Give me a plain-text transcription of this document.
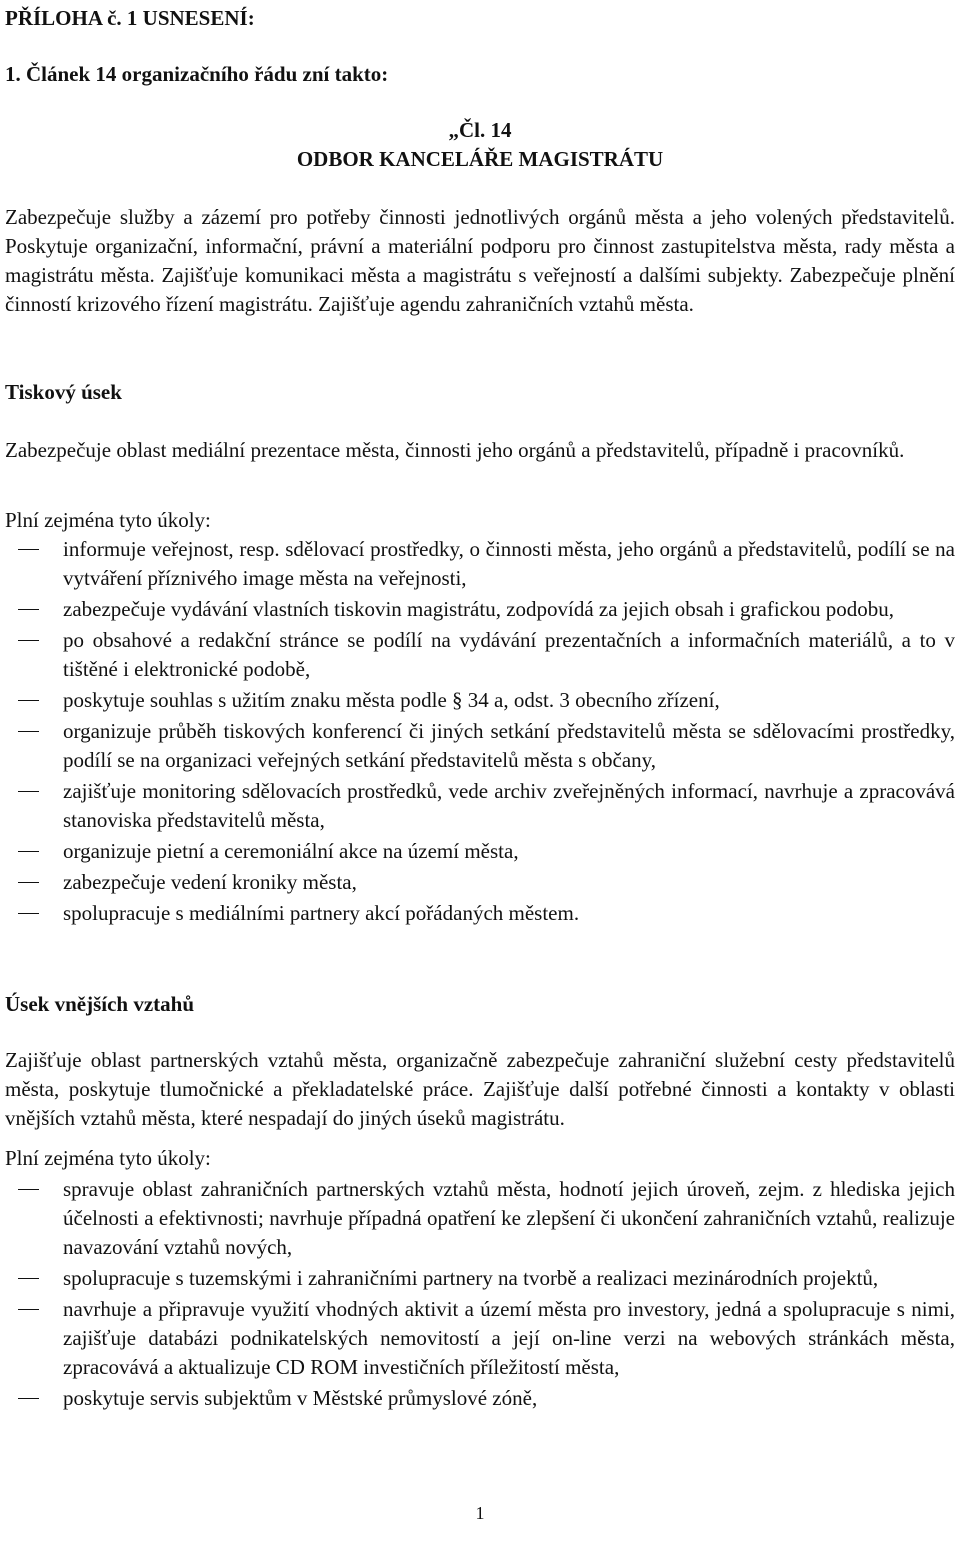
PŘÍLOHA č. 1 USNESENÍ:

1. Článek 14 organizačního řádu zní takto:

„Čl. 14
ODBOR KANCELÁŘE MAGISTRÁTU

Zabezpečuje služby a zázemí pro potřeby činnosti jednotlivých orgánů města a jeho volených představitelů. Poskytuje organizační, informační, právní a materiální podporu pro činnost zastupitelstva města, rady města a magistrátu města. Zajišťuje komunikaci města a magistrátu s veřejností a dalšími subjekty. Zabezpečuje plnění činností krizového řízení magistrátu. Zajišťuje agendu zahraničních vztahů města.

Tiskový úsek

Zabezpečuje oblast mediální prezentace města, činnosti jeho orgánů a představitelů, případně i pracovníků.

Plní zejména tyto úkoly:

informuje veřejnost, resp. sdělovací prostředky, o činnosti města, jeho orgánů a představitelů, podílí se na vytváření příznivého image města na veřejnosti,
zabezpečuje vydávání vlastních tiskovin magistrátu, zodpovídá za jejich obsah i grafickou podobu,
po obsahové a redakční stránce se podílí na vydávání prezentačních a informačních materiálů, a to v tištěné i elektronické podobě,
poskytuje souhlas s užitím znaku města podle § 34 a, odst. 3 obecního zřízení,
organizuje průběh tiskových konferencí či jiných setkání představitelů města se sdělovacími prostředky, podílí se na organizaci veřejných setkání představitelů města s občany,
zajišťuje monitoring sdělovacích prostředků, vede archiv zveřejněných informací, navrhuje a zpracovává stanoviska představitelů města,
organizuje pietní a ceremoniální akce na území města,
zabezpečuje vedení kroniky města,
spolupracuje s mediálními partnery akcí pořádaných městem.

Úsek vnějších vztahů

Zajišťuje oblast partnerských vztahů města, organizačně zabezpečuje zahraniční služební cesty představitelů města, poskytuje tlumočnické a překladatelské práce. Zajišťuje další potřebné činnosti a kontakty v oblasti vnějších vztahů města, které nespadají do jiných úseků magistrátu.

Plní zejména tyto úkoly:

spravuje oblast zahraničních partnerských vztahů města, hodnotí jejich úroveň, zejm. z hlediska jejich účelnosti a efektivnosti; navrhuje případná opatření ke zlepšení či ukončení zahraničních vztahů, realizuje navazování vztahů nových,
spolupracuje s tuzemskými i zahraničními partnery na tvorbě a realizaci mezinárodních projektů,
navrhuje a připravuje využití vhodných aktivit a území města pro investory, jedná a spolupracuje s nimi, zajišťuje databázi podnikatelských nemovitostí a její on-line verzi na webových stránkách města, zpracovává a aktualizuje CD ROM investičních příležitostí města,
poskytuje servis subjektům v Městské průmyslové zóně,
1
